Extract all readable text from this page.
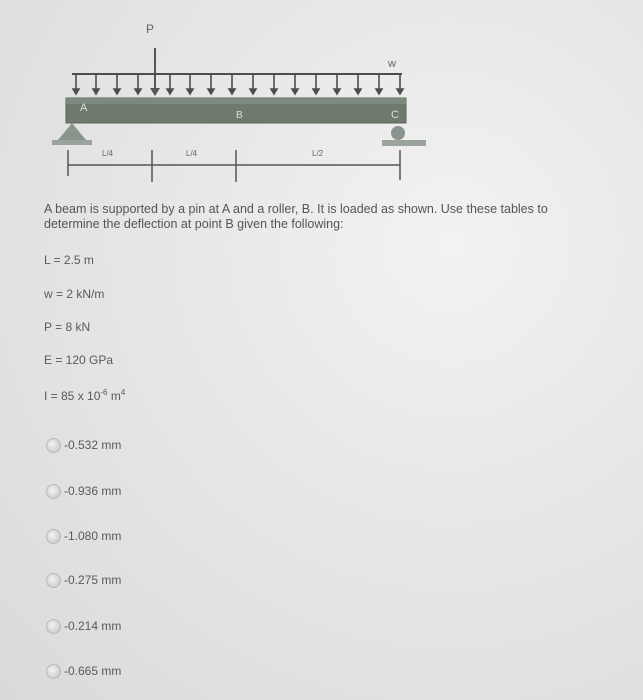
P
w
A
B	C
L/4	L/4	L/2
A beam is supported by a pin at A and a roller, B. It is loaded as shown. Use these tables to determine the deflection at point B given the following:
L = 2.5 m
w = 2 kN/m
P = 8 kN
E = 120 GPa
I = 85 x $10^{-6}$ $m^4$
-0.532 mm
-0.936 mm
-1.080 mm
-0.275 mm
-0.214 mm
-0.665 mm
